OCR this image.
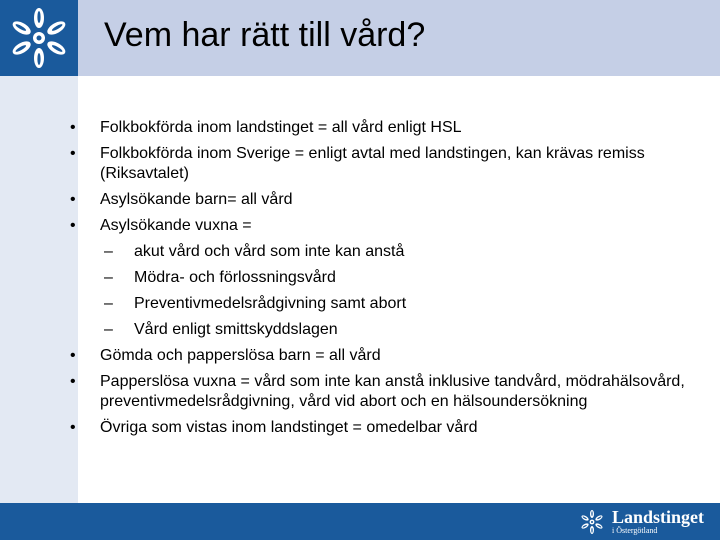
Vem har rätt till vård?
•	Folkbokförda inom landstinget = all vård enligt HSL
•	Folkbokförda inom Sverige = enligt avtal med landstingen, kan krävas remiss (Riksavtalet)
•	Asylsökande barn= all vård
•	Asylsökande vuxna =
– akut vård och vård som inte kan anstå
– Mödra- och förlossningsvård
– Preventivmedelsrådgivning samt abort
– Vård enligt smittskyddslagen
•	Gömda och papperslösa barn = all vård
•	Papperslösa vuxna = vård som inte kan anstå inklusive tandvård, mödrahälsovård, preventivmedelsrådgivning, vård vid abort och en hälsoundersökning
•	Övriga som vistas inom landstinget = omedelbar vård
Landstinget
i Östergötland
